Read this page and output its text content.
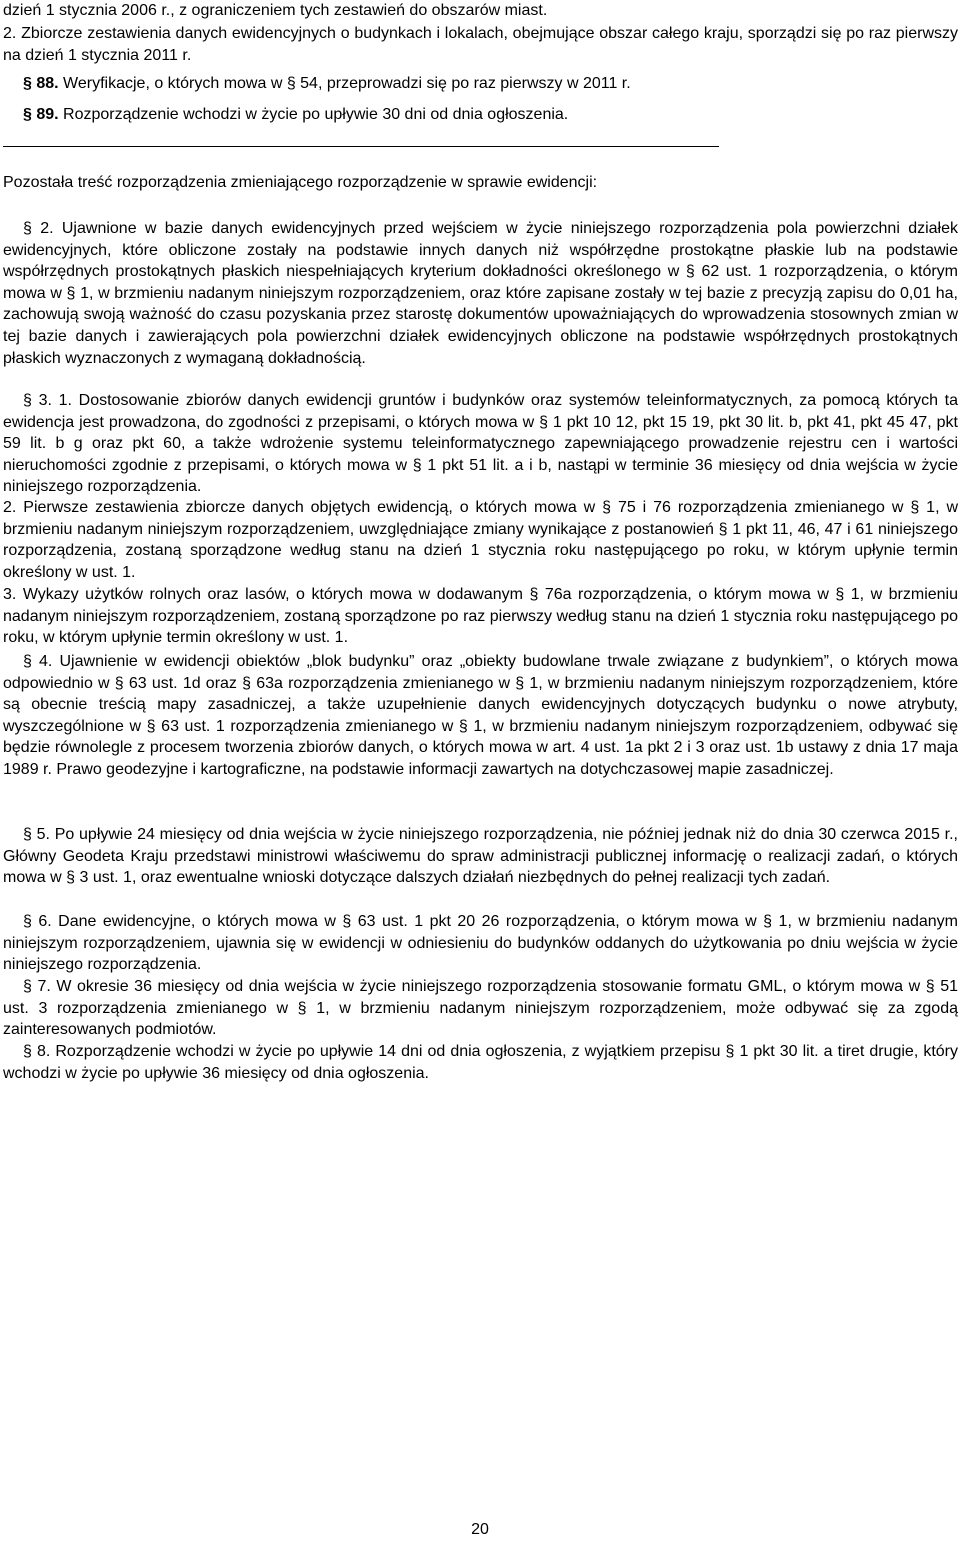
dzień 1 stycznia 2006 r., z ograniczeniem tych zestawień do obszarów miast.

2. Zbiorcze zestawienia danych ewidencyjnych o budynkach i lokalach, obejmujące obszar całego kraju, sporządzi się po raz pierwszy na dzień 1 stycznia 2011 r.

§ 88. Weryfikacje, o których mowa w § 54, przeprowadzi się po raz pierwszy w 2011 r.

§ 89. Rozporządzenie wchodzi w życie po upływie 30 dni od dnia ogłoszenia.

Pozostała treść rozporządzenia zmieniającego rozporządzenie w sprawie ewidencji:

§ 2. Ujawnione w bazie danych ewidencyjnych przed wejściem w życie niniejszego rozporządzenia pola powierzchni działek ewidencyjnych, które obliczone zostały na podstawie innych danych niż współrzędne prostokątne płaskie lub na podstawie współrzędnych prostokątnych płaskich niespełniających kryterium dokładności określonego w § 62 ust. 1 rozporządzenia, o którym mowa w § 1, w brzmieniu nadanym niniejszym rozporządzeniem, oraz które zapisane zostały w tej bazie z precyzją zapisu do 0,01 ha, zachowują swoją ważność do czasu pozyskania przez starostę dokumentów upoważniających do wprowadzenia stosownych zmian w tej bazie danych i zawierających pola powierzchni działek ewidencyjnych obliczone na podstawie współrzędnych prostokątnych płaskich wyznaczonych z wymaganą dokładnością.

§ 3. 1. Dostosowanie zbiorów danych ewidencji gruntów i budynków oraz systemów teleinformatycznych, za pomocą których ta ewidencja jest prowadzona, do zgodności z przepisami, o których mowa w § 1 pkt 10 12, pkt 15 19, pkt 30 lit. b, pkt 41, pkt 45 47, pkt 59 lit. b g oraz pkt 60, a także wdrożenie systemu teleinformatycznego zapewniającego prowadzenie rejestru cen i wartości nieruchomości zgodnie z przepisami, o których mowa w § 1 pkt 51 lit. a i b, nastąpi w terminie 36 miesięcy od dnia wejścia w życie niniejszego rozporządzenia.

2. Pierwsze zestawienia zbiorcze danych objętych ewidencją, o których mowa w § 75 i 76 rozporządzenia zmienianego w § 1, w brzmieniu nadanym niniejszym rozporządzeniem, uwzględniające zmiany wynikające z postanowień § 1 pkt 11, 46, 47 i 61 niniejszego rozporządzenia, zostaną sporządzone według stanu na dzień 1 stycznia roku następującego po roku, w którym upłynie termin określony w ust. 1.

3. Wykazy użytków rolnych oraz lasów, o których mowa w dodawanym § 76a rozporządzenia, o którym mowa w § 1, w brzmieniu nadanym niniejszym rozporządzeniem, zostaną sporządzone po raz pierwszy według stanu na dzień 1 stycznia roku następującego po roku, w którym upłynie termin określony w ust. 1.

§ 4. Ujawnienie w ewidencji obiektów „blok budynku” oraz „obiekty budowlane trwale związane z budynkiem”, o których mowa odpowiednio w § 63 ust. 1d oraz § 63a rozporządzenia zmienianego w § 1, w brzmieniu nadanym niniejszym rozporządzeniem, które są obecnie treścią mapy zasadniczej, a także uzupełnienie danych ewidencyjnych dotyczących budynku o nowe atrybuty, wyszczególnione w § 63 ust. 1 rozporządzenia zmienianego w § 1, w brzmieniu nadanym niniejszym rozporządzeniem, odbywać się będzie równolegle z procesem tworzenia zbiorów danych, o których mowa w art. 4 ust. 1a pkt 2 i 3 oraz ust. 1b ustawy z dnia 17 maja 1989 r. Prawo geodezyjne i kartograficzne, na podstawie informacji zawartych na dotychczasowej mapie zasadniczej.

§ 5. Po upływie 24 miesięcy od dnia wejścia w życie niniejszego rozporządzenia, nie później jednak niż do dnia 30 czerwca 2015 r., Główny Geodeta Kraju przedstawi ministrowi właściwemu do spraw administracji publicznej informację o realizacji zadań, o których mowa w § 3 ust. 1, oraz ewentualne wnioski dotyczące dalszych działań niezbędnych do pełnej realizacji tych zadań.

§ 6. Dane ewidencyjne, o których mowa w § 63 ust. 1 pkt 20 26 rozporządzenia, o którym mowa w § 1, w brzmieniu nadanym niniejszym rozporządzeniem, ujawnia się w ewidencji w odniesieniu do budynków oddanych do użytkowania po dniu wejścia w życie niniejszego rozporządzenia.

§ 7. W okresie 36 miesięcy od dnia wejścia w życie niniejszego rozporządzenia stosowanie formatu GML, o którym mowa w § 51 ust. 3 rozporządzenia zmienianego w § 1, w brzmieniu nadanym niniejszym rozporządzeniem, może odbywać się za zgodą zainteresowanych podmiotów.

§ 8. Rozporządzenie wchodzi w życie po upływie 14 dni od dnia ogłoszenia, z wyjątkiem przepisu § 1 pkt 30 lit. a tiret drugie, który wchodzi w życie po upływie 36 miesięcy od dnia ogłoszenia.

20
